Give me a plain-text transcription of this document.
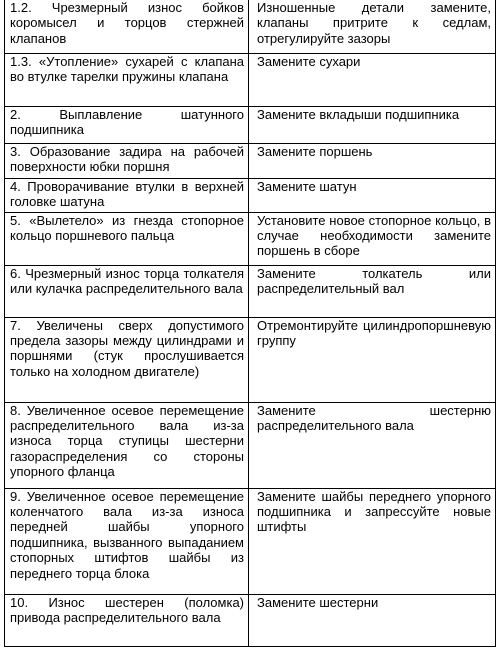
1.2. Чрезмерный износ бойков коромысел и торцов стержней клапанов	Изношенные детали замените, клапаны притрите к седлам, отрегулируйте зазоры
1.3. «Утопление» сухарей с клапана во втулке тарелки пружины клапана	Замените сухари
2. Выплавление шатунного подшипника	Замените вкладыши подшипника
3. Образование задира на рабочей поверхности юбки поршня	Замените поршень
4. Проворачивание втулки в верхней головке шатуна	Замените шатун
5. «Вылетело» из гнезда стопорное кольцо поршневого пальца	Установите новое стопорное кольцо, в случае необходимости замените поршень в сборе
6. Чрезмерный износ торца толкателя или кулачка распределительного вала	Замените толкатель или распределительный вал
7. Увеличены сверх допустимого предела зазоры между цилиндрами и поршнями (стук прослушивается только на холодном двигателе)	Отремонтируйте цилиндропоршневую группу
8. Увеличенное осевое перемещение распределительного вала из-за износа торца ступицы шестерни газораспределения со стороны упорного фланца	Замените шестерню распределительного вала
9. Увеличенное осевое перемещение коленчатого вала из-за износа передней шайбы упорного подшипника, вызванного выпаданием стопорных штифтов шайбы из переднего торца блока	Замените шайбы переднего упорного подшипника и запрессуйте новые штифты
10. Износ шестерен (поломка) привода распределительного вала	Замените шестерни
